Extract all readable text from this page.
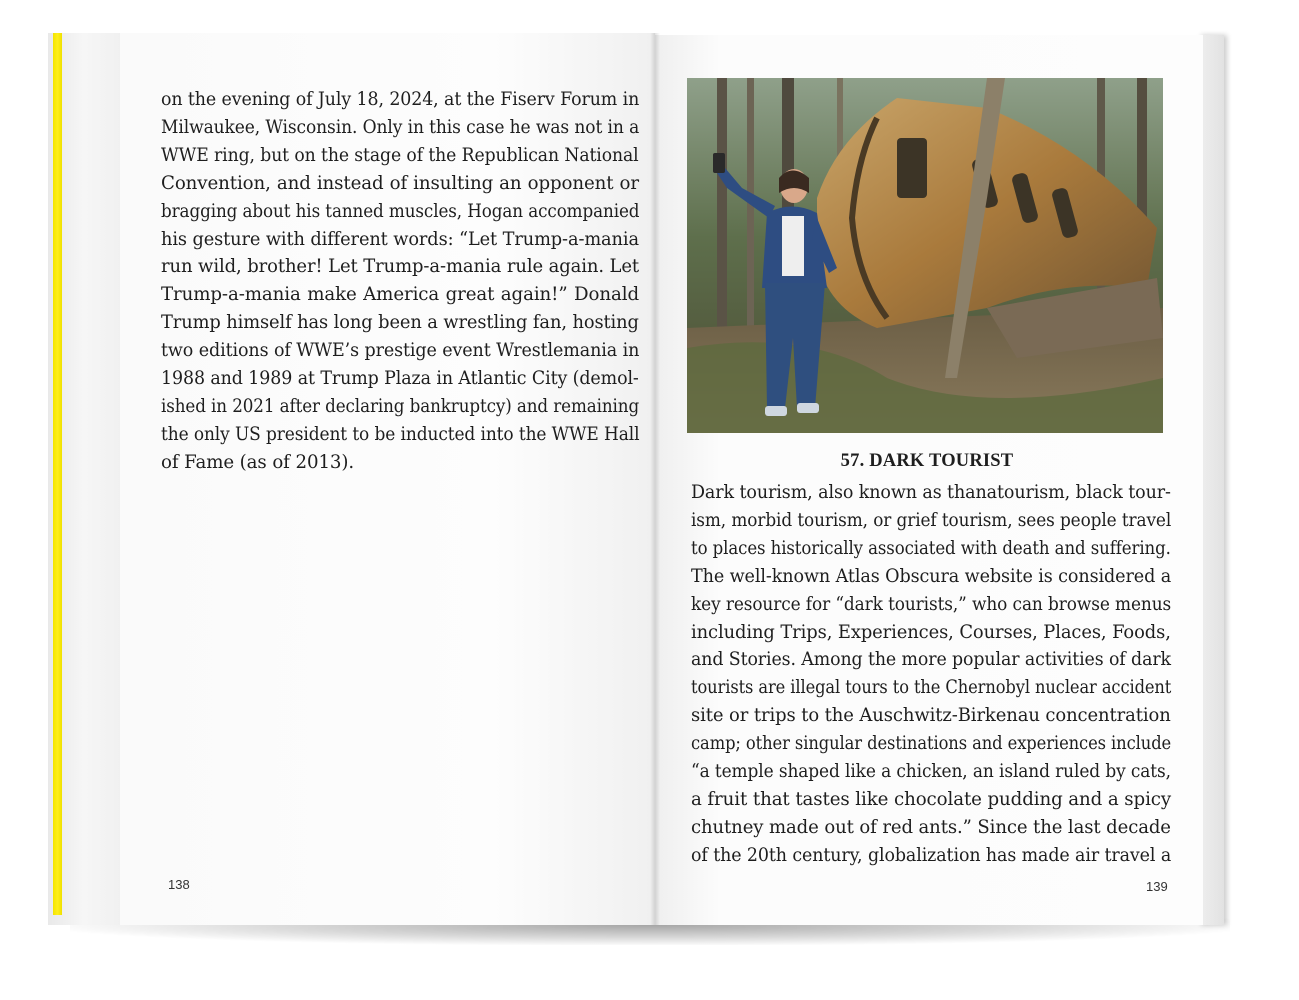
on the evening of July 18, 2024, at the Fiserv Forum in
Milwaukee, Wisconsin. Only in this case he was not in a
WWE ring, but on the stage of the Republican National
Convention, and instead of insulting an opponent or
bragging about his tanned muscles, Hogan accompanied
his gesture with different words: “Let Trump-a-mania
run wild, brother! Let Trump-a-mania rule again. Let
Trump-a-mania make America great again!” Donald
Trump himself has long been a wrestling fan, hosting
two editions of WWE’s prestige event Wrestlemania in
1988 and 1989 at Trump Plaza in Atlantic City (demol-
ished in 2021 after declaring bankruptcy) and remaining
the only US president to be inducted into the WWE Hall
of Fame (as of 2013).	57. DARK TOURIST
Dark tourism, also known as thanatourism, black tour-
ism, morbid tourism, or grief tourism, sees people travel
to places historically associated with death and suffering.
The well-known Atlas Obscura website is considered a
key resource for “dark tourists,” who can browse menus
including Trips, Experiences, Courses, Places, Foods,
and Stories. Among the more popular activities of dark
tourists are illegal tours to the Chernobyl nuclear accident
site or trips to the Auschwitz-Birkenau concentration
camp; other singular destinations and experiences include
“a temple shaped like a chicken, an island ruled by cats,
a fruit that tastes like chocolate pudding and a spicy
chutney made out of red ants.” Since the last decade
of the 20th century, globalization has made air travel a
138	139
